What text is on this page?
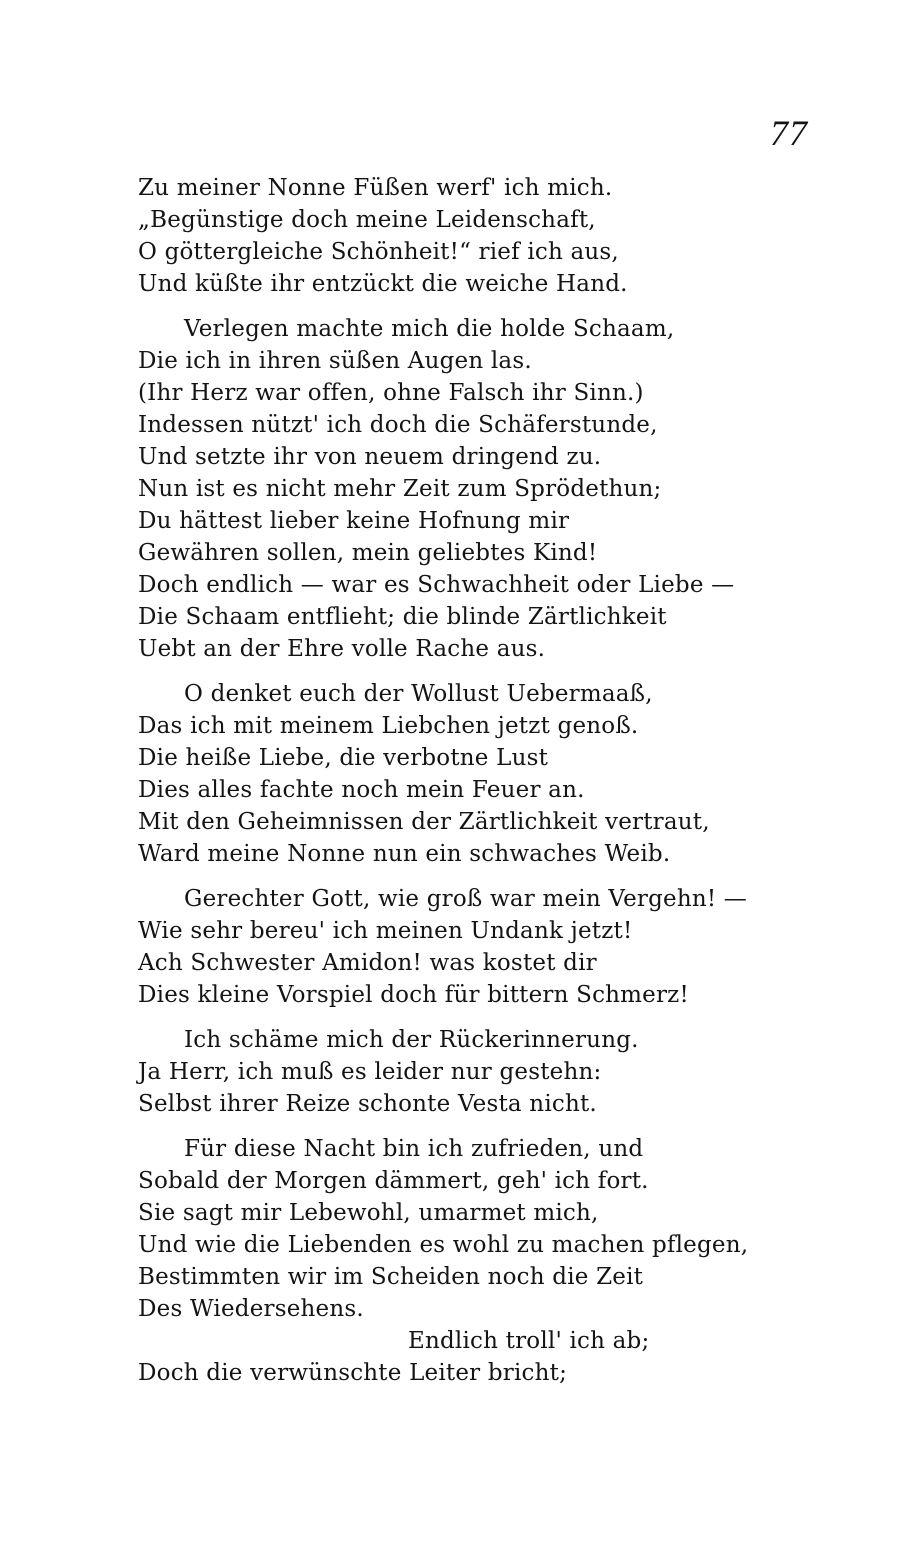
77
Zu meiner Nonne Füßen werf' ich mich.
„Begünstige doch meine Leidenschaft,
O göttergleiche Schönheit!“ rief ich aus,
Und küßte ihr entzückt die weiche Hand.
Verlegen machte mich die holde Schaam,
Die ich in ihren süßen Augen las.
(Ihr Herz war offen, ohne Falsch ihr Sinn.)
Indessen nützt' ich doch die Schäferstunde,
Und setzte ihr von neuem dringend zu.
Nun ist es nicht mehr Zeit zum Sprödethun;
Du hättest lieber keine Hofnung mir
Gewähren sollen, mein geliebtes Kind!
Doch endlich — war es Schwachheit oder Liebe —
Die Schaam entflieht; die blinde Zärtlichkeit
Uebt an der Ehre volle Rache aus.
O denket euch der Wollust Uebermaaß,
Das ich mit meinem Liebchen jetzt genoß.
Die heiße Liebe, die verbotne Lust
Dies alles fachte noch mein Feuer an.
Mit den Geheimnissen der Zärtlichkeit vertraut,
Ward meine Nonne nun ein schwaches Weib.
Gerechter Gott, wie groß war mein Vergehn! —
Wie sehr bereu' ich meinen Undank jetzt!
Ach Schwester Amidon! was kostet dir
Dies kleine Vorspiel doch für bittern Schmerz!
Ich schäme mich der Rückerinnerung.
Ja Herr, ich muß es leider nur gestehn:
Selbst ihrer Reize schonte Vesta nicht.
Für diese Nacht bin ich zufrieden, und
Sobald der Morgen dämmert, geh' ich fort.
Sie sagt mir Lebewohl, umarmet mich,
Und wie die Liebenden es wohl zu machen pflegen,
Bestimmten wir im Scheiden noch die Zeit
Des Wiedersehens.
Endlich troll' ich ab;
Doch die verwünschte Leiter bricht;
